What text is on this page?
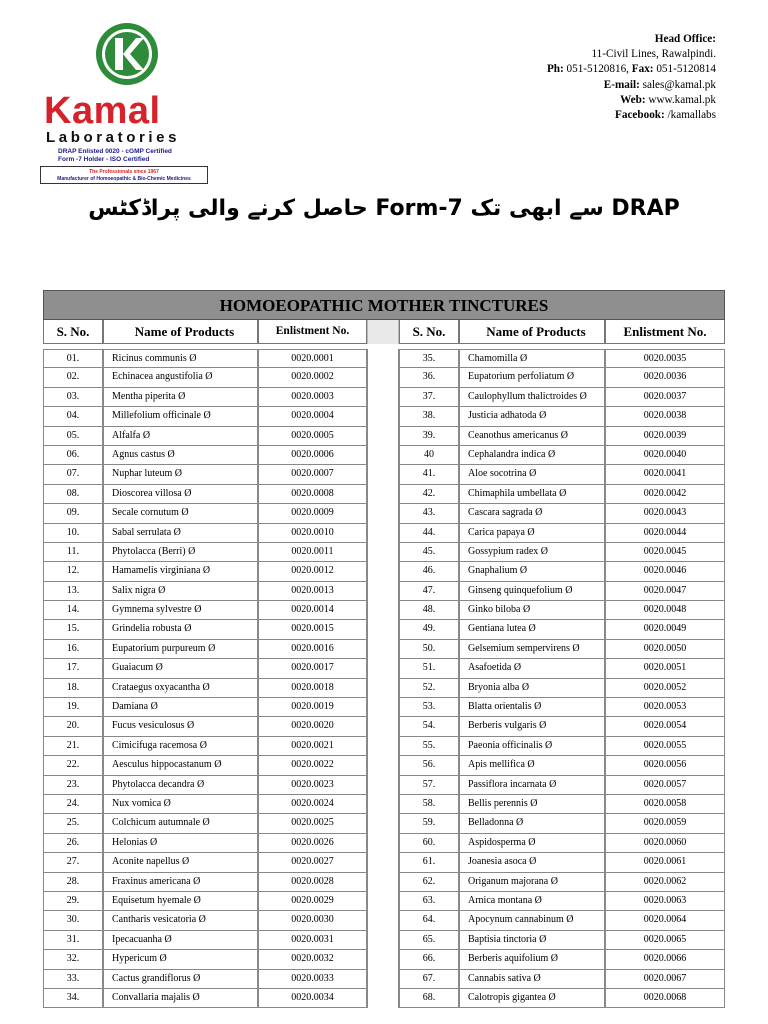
Kamal
Laboratories
DRAP Enlisted 0020 - cGMP Certified
Form -7 Holder - ISO Certified
The Professionals since 1967
Manufacturer of Homoeopathic & Bio-Chemic Medicines
Head Office:
11-Civil Lines, Rawalpindi.
Ph: 051-5120816, Fax: 051-5120814
E-mail: sales@kamal.pk
Web: www.kamal.pk
Facebook: /kamallabs
DRAP سے ابھی تک Form-7 حاصل کرنے والی پراڈکٹس
HOMOEOPATHIC MOTHER TINCTURES
S. No.	Name of Products	Enlistment No.	S. No.	Name of Products	Enlistment No.
01.	Ricinus communis Ø	0020.0001
02.	Echinacea angustifolia Ø	0020.0002
03.	Mentha piperita Ø	0020.0003
04.	Millefolium officinale Ø	0020.0004
05.	Alfalfa Ø	0020.0005
06.	Agnus castus Ø	0020.0006
07.	Nuphar luteum Ø	0020.0007
08.	Dioscorea villosa Ø	0020.0008
09.	Secale cornutum Ø	0020.0009
10.	Sabal serrulata Ø	0020.0010
11.	Phytolacca (Berri) Ø	0020.0011
12.	Hamamelis virginiana Ø	0020.0012
13.	Salix nigra Ø	0020.0013
14.	Gymnema sylvestre Ø	0020.0014
15.	Grindelia robusta Ø	0020.0015
16.	Eupatorium purpureum Ø	0020.0016
17.	Guaiacum Ø	0020.0017
18.	Crataegus oxyacantha Ø	0020.0018
19.	Damiana Ø	0020.0019
20.	Fucus vesiculosus Ø	0020.0020
21.	Cimicifuga racemosa Ø	0020.0021
22.	Aesculus hippocastanum Ø	0020.0022
23.	Phytolacca decandra Ø	0020.0023
24.	Nux vomica Ø	0020.0024
25.	Colchicum autumnale Ø	0020.0025
26.	Helonias Ø	0020.0026
27.	Aconite napellus Ø	0020.0027
28.	Fraxinus americana Ø	0020.0028
29.	Equisetum hyemale Ø	0020.0029
30.	Cantharis vesicatoria Ø	0020.0030
31.	Ipecacuanha Ø	0020.0031
32.	Hypericum Ø	0020.0032
33.	Cactus grandiflorus Ø	0020.0033
34.	Convallaria majalis Ø	0020.0034
35.	Chamomilla Ø	0020.0035
36.	Eupatorium perfoliatum Ø	0020.0036
37.	Caulophyllum thalictroides Ø	0020.0037
38.	Justicia adhatoda Ø	0020.0038
39.	Ceanothus americanus Ø	0020.0039
40	Cephalandra indica Ø	0020.0040
41.	Aloe socotrina Ø	0020.0041
42.	Chimaphila umbellata Ø	0020.0042
43.	Cascara sagrada Ø	0020.0043
44.	Carica papaya Ø	0020.0044
45.	Gossypium radex Ø	0020.0045
46.	Gnaphalium Ø	0020.0046
47.	Ginseng quinquefolium Ø	0020.0047
48.	Ginko biloba Ø	0020.0048
49.	Gentiana lutea Ø	0020.0049
50.	Gelsemium sempervirens Ø	0020.0050
51.	Asafoetida Ø	0020.0051
52.	Bryonia alba Ø	0020.0052
53.	Blatta orientalis Ø	0020.0053
54.	Berberis vulgaris Ø	0020.0054
55.	Paeonia officinalis Ø	0020.0055
56.	Apis mellifica Ø	0020.0056
57.	Passiflora incarnata Ø	0020.0057
58.	Bellis perennis Ø	0020.0058
59.	Belladonna Ø	0020.0059
60.	Aspidosperma Ø	0020.0060
61.	Joanesia asoca Ø	0020.0061
62.	Origanum majorana Ø	0020.0062
63.	Arnica montana Ø	0020.0063
64.	Apocynum cannabinum Ø	0020.0064
65.	Baptisia tinctoria Ø	0020.0065
66.	Berberis aquifolium Ø	0020.0066
67.	Cannabis sativa Ø	0020.0067
68.	Calotropis gigantea Ø	0020.0068
